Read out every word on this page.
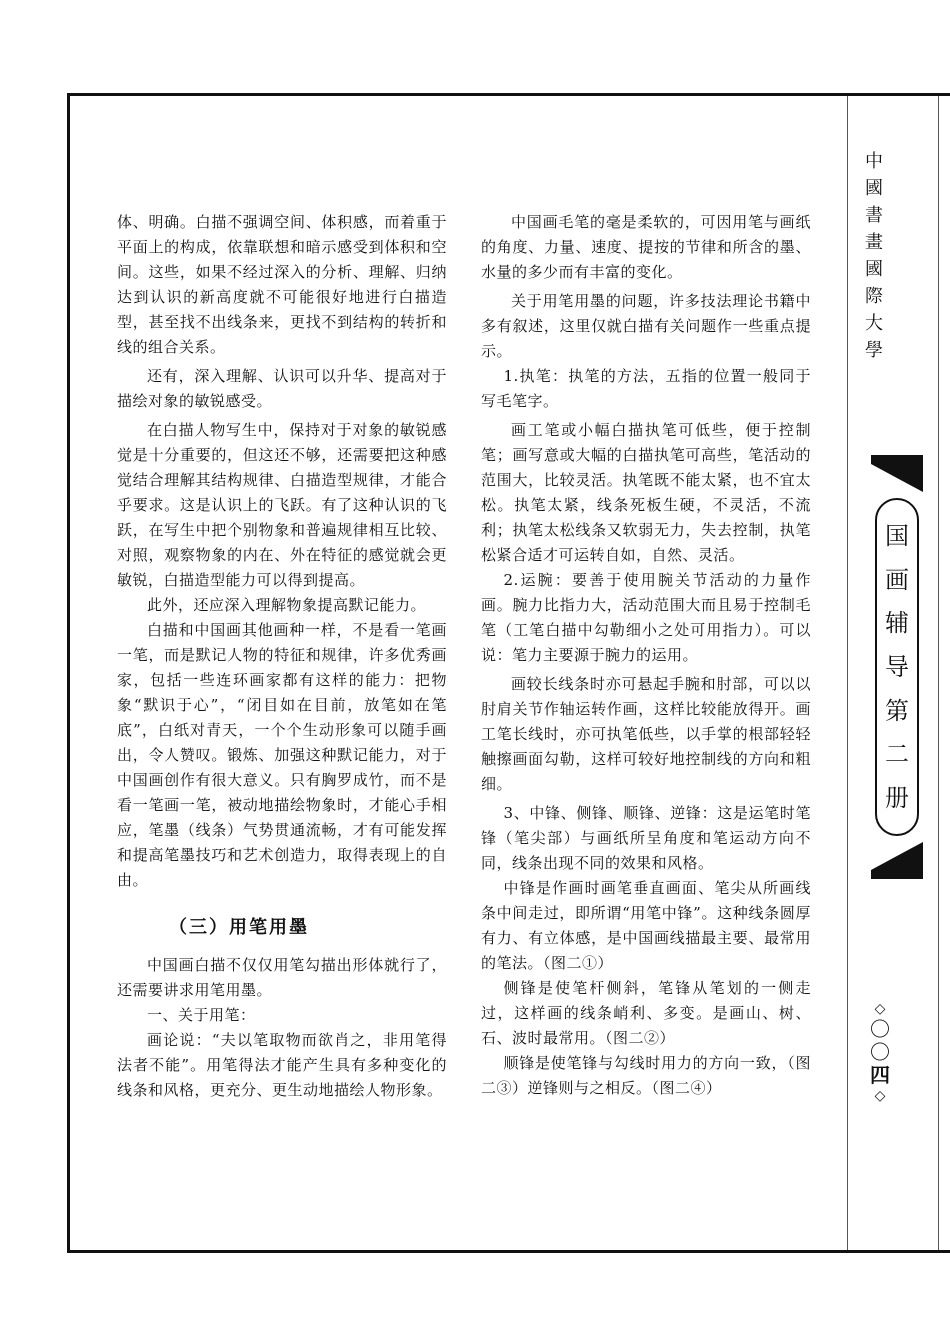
体、明确。白描不强调空间、体积感，而着重于平面上的构成，依靠联想和暗示感受到体积和空间。这些，如果不经过深入的分析、理解、归纳达到认识的新高度就不可能很好地进行白描造型，甚至找不出线条来，更找不到结构的转折和线的组合关系。

还有，深入理解、认识可以升华、提高对于描绘对象的敏锐感受。

在白描人物写生中，保持对于对象的敏锐感觉是十分重要的，但这还不够，还需要把这种感觉结合理解其结构规律、白描造型规律，才能合乎要求。这是认识上的飞跃。有了这种认识的飞跃，在写生中把个别物象和普遍规律相互比较、对照，观察物象的内在、外在特征的感觉就会更敏锐，白描造型能力可以得到提高。

此外，还应深入理解物象提高默记能力。

白描和中国画其他画种一样，不是看一笔画一笔，而是默记人物的特征和规律，许多优秀画家，包括一些连环画家都有这样的能力：把物象“默识于心”，“闭目如在目前，放笔如在笔底”，白纸对青天，一个个生动形象可以随手画出，令人赞叹。锻炼、加强这种默记能力，对于中国画创作有很大意义。只有胸罗成竹，而不是看一笔画一笔，被动地描绘物象时，才能心手相应，笔墨（线条）气势贯通流畅，才有可能发挥和提高笔墨技巧和艺术创造力，取得表现上的自由。

（三）用笔用墨

中国画白描不仅仅用笔勾描出形体就行了，还需要讲求用笔用墨。

一、关于用笔：

画论说：“夫以笔取物而欲肖之，非用笔得法者不能”。用笔得法才能产生具有多种变化的线条和风格，更充分、更生动地描绘人物形象。

中国画毛笔的毫是柔软的，可因用笔与画纸的角度、力量、速度、提按的节律和所含的墨、水量的多少而有丰富的变化。

关于用笔用墨的问题，许多技法理论书籍中多有叙述，这里仅就白描有关问题作一些重点提示。

1.执笔：执笔的方法，五指的位置一般同于写毛笔字。

画工笔或小幅白描执笔可低些，便于控制笔；画写意或大幅的白描执笔可高些，笔活动的范围大，比较灵活。执笔既不能太紧，也不宜太松。执笔太紧，线条死板生硬，不灵活，不流利；执笔太松线条又软弱无力，失去控制，执笔松紧合适才可运转自如，自然、灵活。

2.运腕：要善于使用腕关节活动的力量作画。腕力比指力大，活动范围大而且易于控制毛笔（工笔白描中勾勒细小之处可用指力）。可以说：笔力主要源于腕力的运用。

画较长线条时亦可悬起手腕和肘部，可以以肘肩关节作轴运转作画，这样比较能放得开。画工笔长线时，亦可执笔低些，以手掌的根部轻轻触擦画面勾勒，这样可较好地控制线的方向和粗细。

3、中锋、侧锋、顺锋、逆锋：这是运笔时笔锋（笔尖部）与画纸所呈角度和笔运动方向不同，线条出现不同的效果和风格。

中锋是作画时画笔垂直画面、笔尖从所画线条中间走过，即所谓“用笔中锋”。这种线条圆厚有力、有立体感，是中国画线描最主要、最常用的笔法。（图二①）

侧锋是使笔杆侧斜，笔锋从笔划的一侧走过，这样画的线条峭利、多变。是画山、树、石、波时最常用。（图二②）

顺锋是使笔锋与勾线时用力的方向一致，（图二③）逆锋则与之相反。（图二④）

中
國
書
畫
國
際
大
學
国
画
辅
导
第
二
册
◇
〇
〇
四
◇
